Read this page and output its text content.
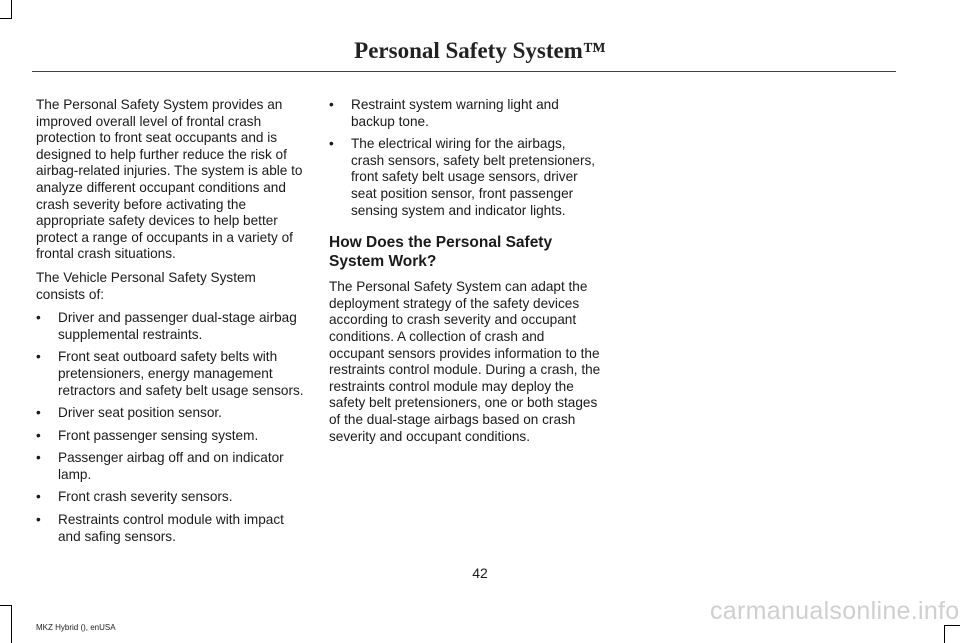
Personal Safety System™

The Personal Safety System provides an improved overall level of frontal crash protection to front seat occupants and is designed to help further reduce the risk of airbag-related injuries. The system is able to analyze different occupant conditions and crash severity before activating the appropriate safety devices to help better protect a range of occupants in a variety of frontal crash situations.

The Vehicle Personal Safety System consists of:

• Driver and passenger dual-stage airbag supplemental restraints.
• Front seat outboard safety belts with pretensioners, energy management retractors and safety belt usage sensors.
• Driver seat position sensor.
• Front passenger sensing system.
• Passenger airbag off and on indicator lamp.
• Front crash severity sensors.
• Restraints control module with impact and safing sensors.
• Restraint system warning light and backup tone.
• The electrical wiring for the airbags, crash sensors, safety belt pretensioners, front safety belt usage sensors, driver seat position sensor, front passenger sensing system and indicator lights.
How Does the Personal Safety System Work?

The Personal Safety System can adapt the deployment strategy of the safety devices according to crash severity and occupant conditions. A collection of crash and occupant sensors provides information to the restraints control module. During a crash, the restraints control module may deploy the safety belt pretensioners, one or both stages of the dual-stage airbags based on crash severity and occupant conditions.

42
MKZ Hybrid (), enUSA
carmanualsonline.info
